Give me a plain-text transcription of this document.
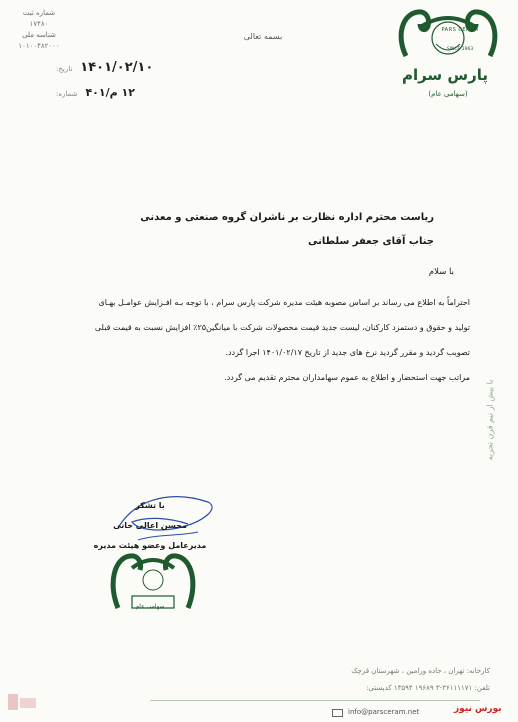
شماره ثبت
۱۷۴۸۰
شناسه ملی
۱۰۱۰۰۴۸۲۰۰۰
بسمه تعالی
تاریخ: ۱۴۰۱/۰۲/۱۰
شماره: ۱۲ م/۴۰۱
PARS CERAM
SINCE 1963
پارس سرام
(سهامی عام)
با بیش از نیم قرن تجربه
ریاست محترم اداره نظارت بر ناشران گروه صنعتی و معدنی
جناب آقای جعفر سلطانی
با سلام

احتراماً به اطلاع می رساند بر اساس مصوبه هیئت مدیره شرکت پارس سرام ، با توجه بـه افـزایش عوامـل بهـای

تولید و حقوق و دستمزد کارکنان، لیست جدید قیمت محصولات شرکت با میانگین۲۵٪ افزایش نسبت به قیمت قبلی

تصویب گردید و مقرر گردید نرخ های جدید از تاریخ ۱۴۰۱/۰۲/۱۷ اجرا گردد.

مراتب جهت استحضار و اطلاع به عموم سهامداران محترم تقدیم می گردد.

با تشکر
محسن اعالی خانی
مدیرعامل وعضو هیئت مدیره
سهامی عام
کارخانه: تهران ، جاده ورامین ، شهرستان قرچک
تلفن: ۳۶۱۱۱۱۷۱-۳ ۱۹۶۸۹ ۱۳۵۹۴ کدپستی:
info@parsceram.net	بورس نیوز
